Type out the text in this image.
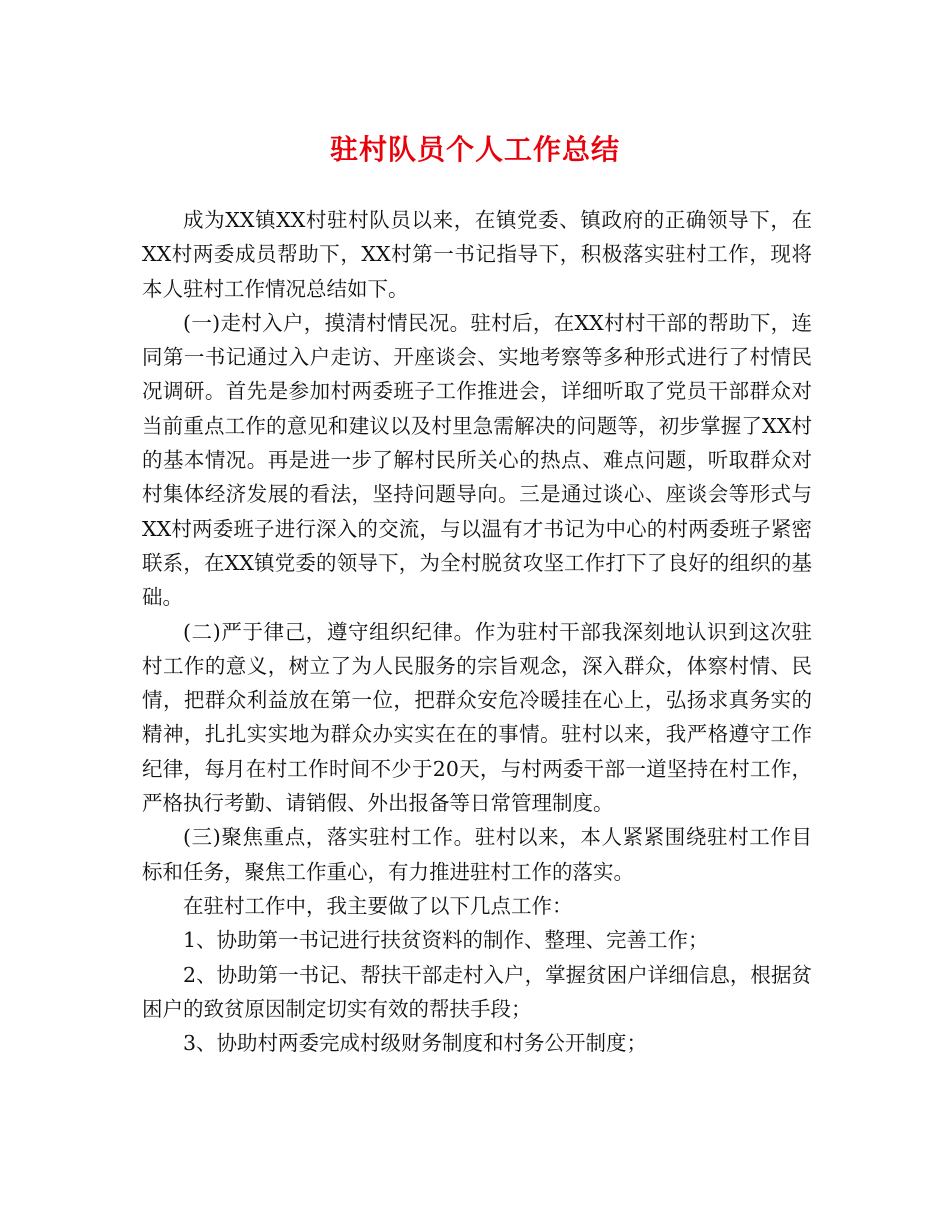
驻村队员个人工作总结

成为XX镇XX村驻村队员以来，在镇党委、镇政府的正确领导下，在XX村两委成员帮助下，XX村第一书记指导下，积极落实驻村工作，现将本人驻村工作情况总结如下。

(一)走村入户，摸清村情民况。驻村后，在XX村村干部的帮助下，连同第一书记通过入户走访、开座谈会、实地考察等多种形式进行了村情民况调研。首先是参加村两委班子工作推进会，详细听取了党员干部群众对当前重点工作的意见和建议以及村里急需解决的问题等，初步掌握了XX村的基本情况。再是进一步了解村民所关心的热点、难点问题，听取群众对村集体经济发展的看法，坚持问题导向。三是通过谈心、座谈会等形式与XX村两委班子进行深入的交流，与以温有才书记为中心的村两委班子紧密联系，在XX镇党委的领导下，为全村脱贫攻坚工作打下了良好的组织的基础。

(二)严于律己，遵守组织纪律。作为驻村干部我深刻地认识到这次驻村工作的意义，树立了为人民服务的宗旨观念，深入群众，体察村情、民情，把群众利益放在第一位，把群众安危冷暖挂在心上，弘扬求真务实的精神，扎扎实实地为群众办实实在在的事情。驻村以来，我严格遵守工作纪律，每月在村工作时间不少于20天，与村两委干部一道坚持在村工作，严格执行考勤、请销假、外出报备等日常管理制度。

(三)聚焦重点，落实驻村工作。驻村以来，本人紧紧围绕驻村工作目标和任务，聚焦工作重心，有力推进驻村工作的落实。

在驻村工作中，我主要做了以下几点工作：

1、协助第一书记进行扶贫资料的制作、整理、完善工作；

2、协助第一书记、帮扶干部走村入户，掌握贫困户详细信息，根据贫困户的致贫原因制定切实有效的帮扶手段；

3、协助村两委完成村级财务制度和村务公开制度；
